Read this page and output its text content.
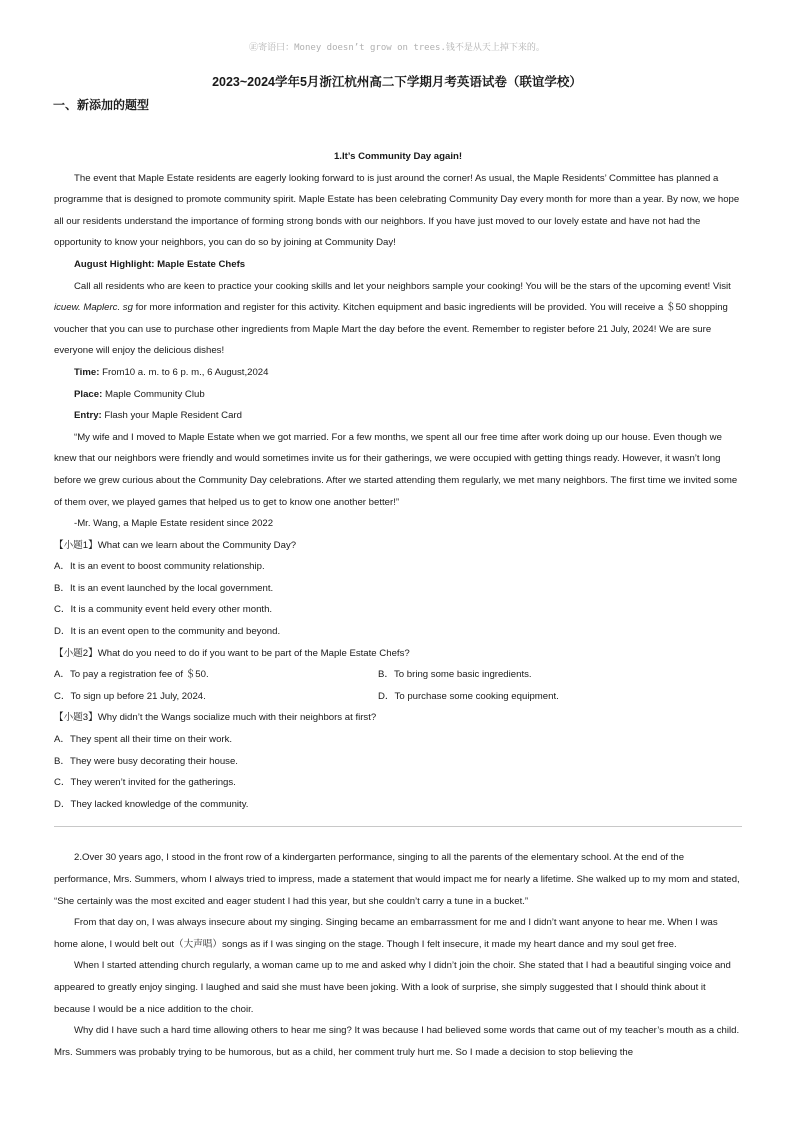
㊣寄语曰：Money doesn’t grow on trees.钱不是从天上掉下来的。
2023~2024学年5月浙江杭州高二下学期月考英语试卷（联谊学校）
一、新添加的题型

1.It’s Community Day again!

The event that Maple Estate residents are eagerly looking forward to is just around the corner! As usual, the Maple Residents’ Committee has planned a programme that is designed to promote community spirit. Maple Estate has been celebrating Community Day every month for more than a year. By now, we hope all our residents understand the importance of forming strong bonds with our neighbors. If you have just moved to our lovely estate and have not had the opportunity to know your neighbors, you can do so by joining at Community Day!

August Highlight: Maple Estate Chefs

Call all residents who are keen to practice your cooking skills and let your neighbors sample your cooking! You will be the stars of the upcoming event! Visit icuew. Maplerc. sg for more information and register for this activity. Kitchen equipment and basic ingredients will be provided. You will receive a ＄50 shopping voucher that you can use to purchase other ingredients from Maple Mart the day before the event. Remember to register before 21 July, 2024! We are sure everyone will enjoy the delicious dishes!

Time: From10 a. m. to 6 p. m., 6 August,2024

Place: Maple Community Club

Entry: Flash your Maple Resident Card

“My wife and I moved to Maple Estate when we got married. For a few months, we spent all our free time after work doing up our house. Even though we knew that our neighbors were friendly and would sometimes invite us for their gatherings, we were occupied with getting things ready. However, it wasn’t long before we grew curious about the Community Day celebrations. After we started attending them regularly, we met many neighbors. The first time we invited some of them over, we played games that helped us to get to know one another better!”

-Mr. Wang, a Maple Estate resident since 2022

【小题1】What can we learn about the Community Day?

A．It is an event to boost community relationship.

B．It is an event launched by the local government.

C．It is a community event held every other month.

D．It is an event open to the community and beyond.

【小题2】What do you need to do if you want to be part of the Maple Estate Chefs?

A．To pay a registration fee of ＄50.	B．To bring some basic ingredients.
C．To sign up before 21 July, 2024.	D．To purchase some cooking equipment.

【小题3】Why didn’t the Wangs socialize much with their neighbors at first?

A．They spent all their time on their work.

B．They were busy decorating their house.

C．They weren’t invited for the gatherings.

D．They lacked knowledge of the community.

2.Over 30 years ago, I stood in the front row of a kindergarten performance, singing to all the parents of the elementary school. At the end of the performance, Mrs. Summers, whom I always tried to impress, made a statement that would impact me for nearly a lifetime. She walked up to my mom and stated, “She certainly was the most excited and eager student I had this year, but she couldn’t carry a tune in a bucket.”

From that day on, I was always insecure about my singing. Singing became an embarrassment for me and I didn’t want anyone to hear me. When I was home alone, I would belt out（大声唱）songs as if I was singing on the stage. Though I felt insecure, it made my heart dance and my soul get free.

When I started attending church regularly, a woman came up to me and asked why I didn’t join the choir. She stated that I had a beautiful singing voice and appeared to greatly enjoy singing. I laughed and said she must have been joking. With a look of surprise, she simply suggested that I should think about it because I would be a nice addition to the choir.

Why did I have such a hard time allowing others to hear me sing? It was because I had believed some words that came out of my teacher’s mouth as a child. Mrs. Summers was probably trying to be humorous, but as a child, her comment truly hurt me. So I made a decision to stop believing the
